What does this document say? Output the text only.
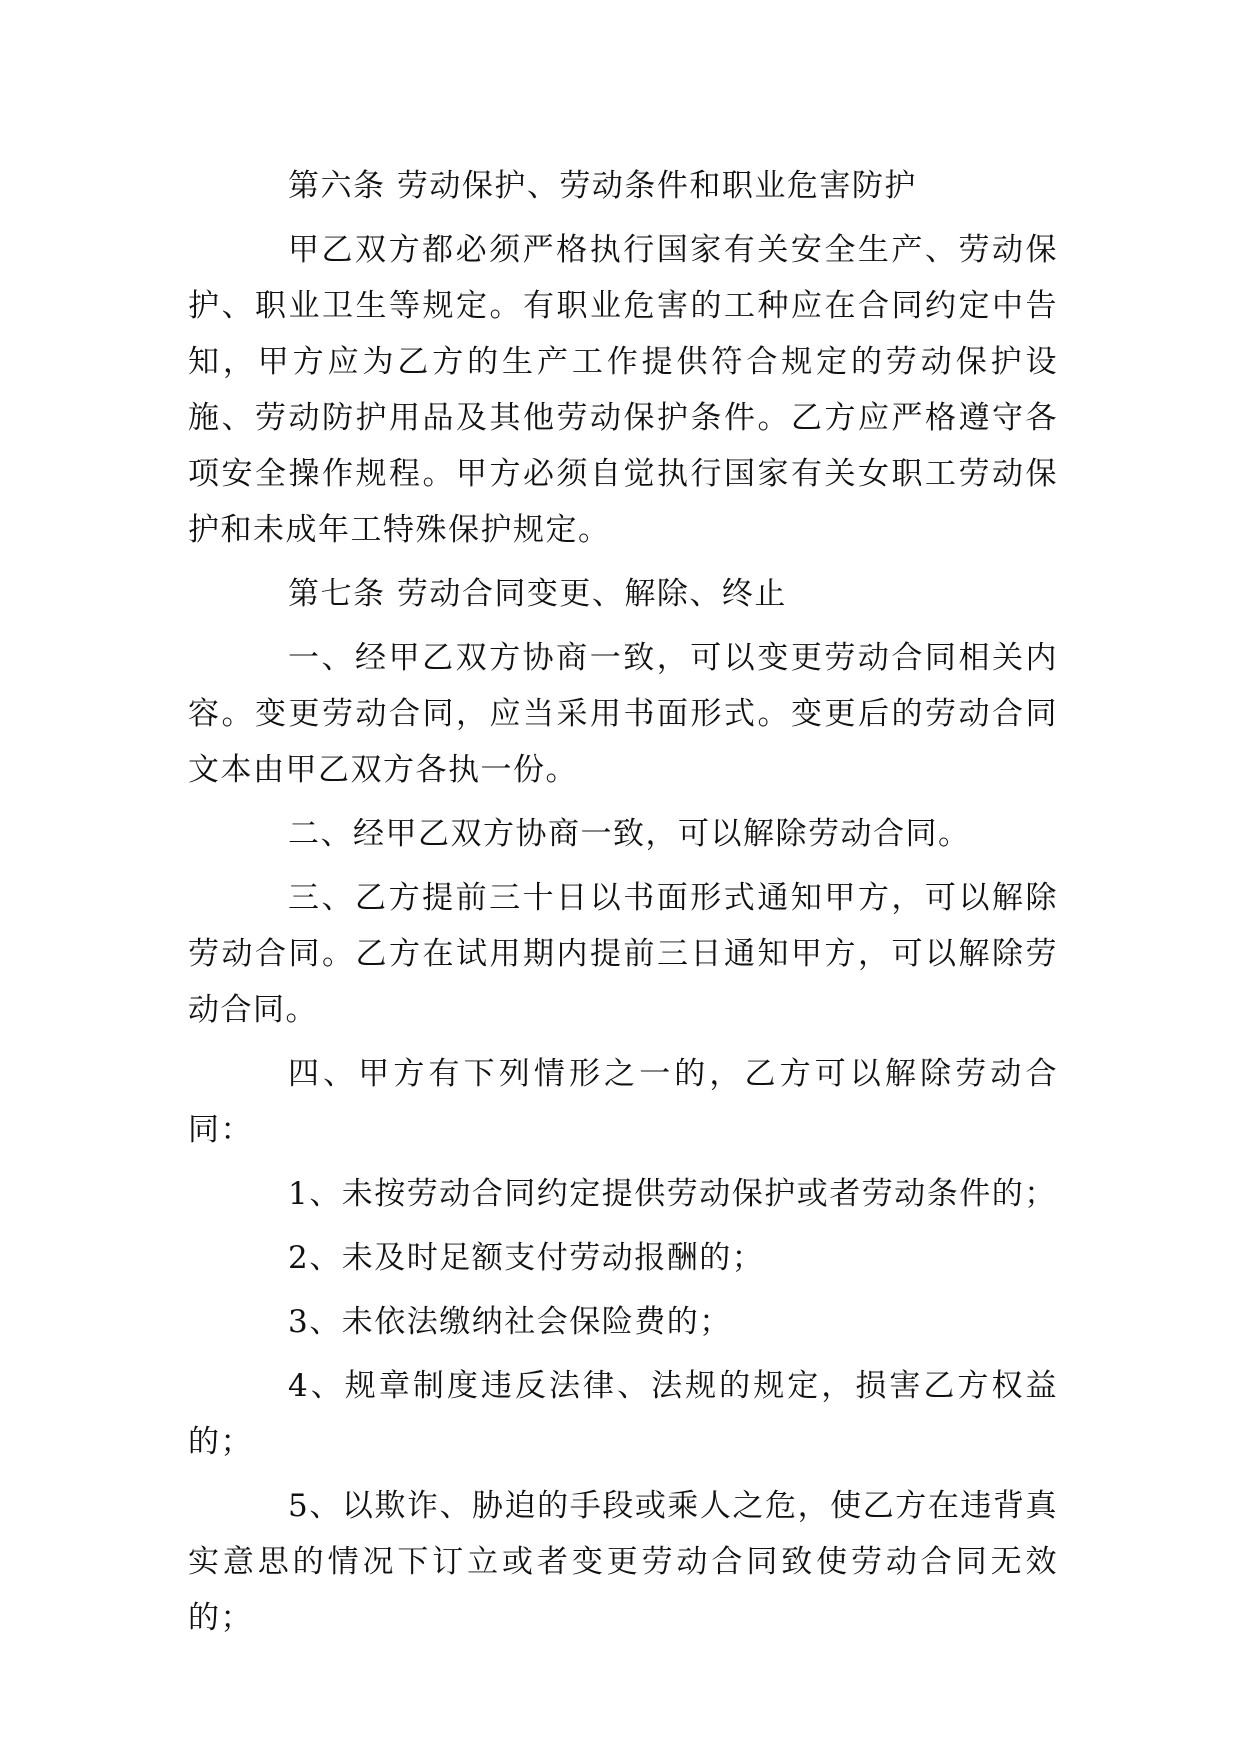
第六条 劳动保护、劳动条件和职业危害防护

甲乙双方都必须严格执行国家有关安全生产、劳动保护、职业卫生等规定。有职业危害的工种应在合同约定中告知，甲方应为乙方的生产工作提供符合规定的劳动保护设施、劳动防护用品及其他劳动保护条件。乙方应严格遵守各项安全操作规程。甲方必须自觉执行国家有关女职工劳动保护和未成年工特殊保护规定。

第七条 劳动合同变更、解除、终止

一、经甲乙双方协商一致，可以变更劳动合同相关内容。变更劳动合同，应当采用书面形式。变更后的劳动合同文本由甲乙双方各执一份。

二、经甲乙双方协商一致，可以解除劳动合同。

三、乙方提前三十日以书面形式通知甲方，可以解除劳动合同。乙方在试用期内提前三日通知甲方，可以解除劳动合同。

四、甲方有下列情形之一的，乙方可以解除劳动合同：

1、未按劳动合同约定提供劳动保护或者劳动条件的；

2、未及时足额支付劳动报酬的；

3、未依法缴纳社会保险费的；

4、规章制度违反法律、法规的规定，损害乙方权益的；

5、以欺诈、胁迫的手段或乘人之危，使乙方在违背真实意思的情况下订立或者变更劳动合同致使劳动合同无效的；
